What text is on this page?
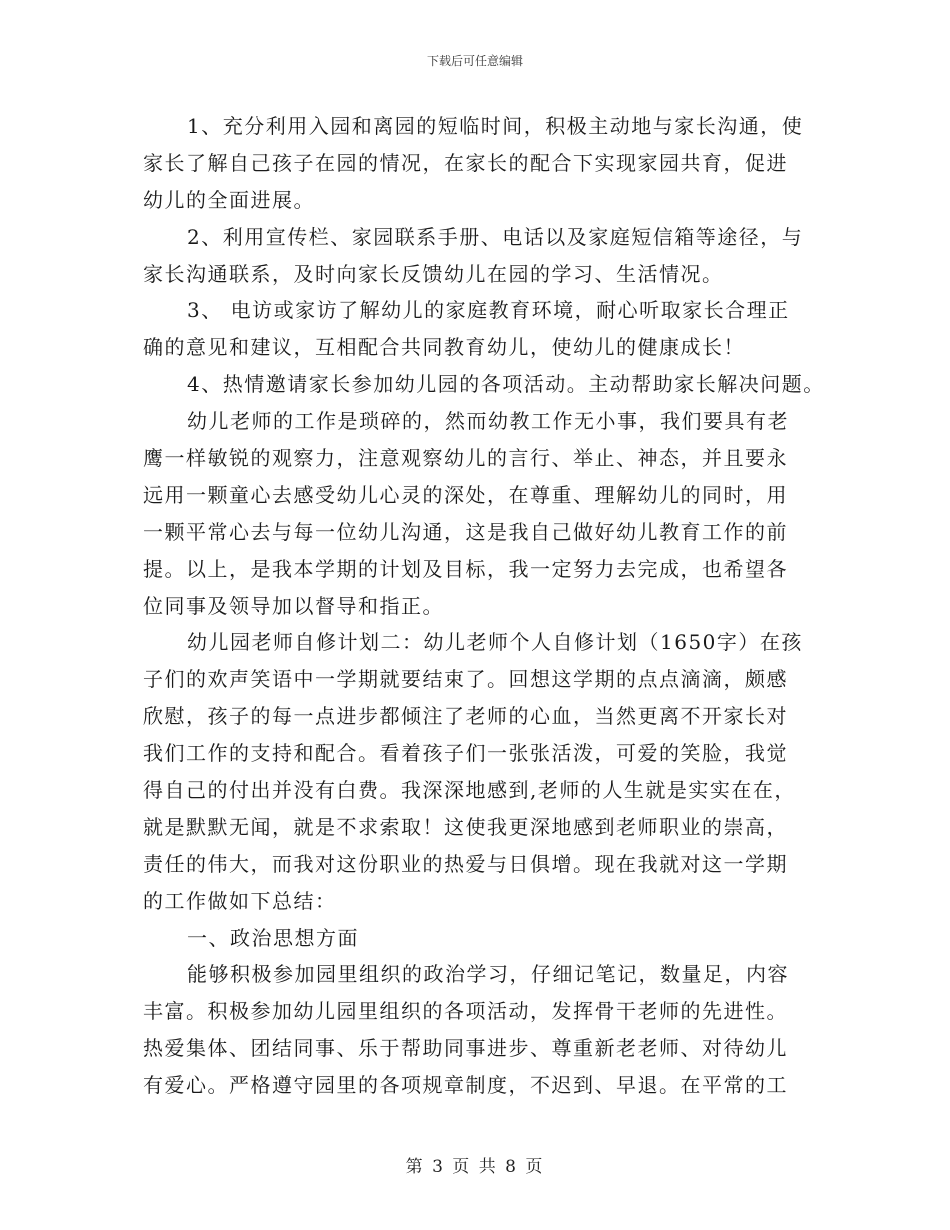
下载后可任意编辑
1、充分利用入园和离园的短临时间，积极主动地与家长沟通，使
家长了解自己孩子在园的情况，在家长的配合下实现家园共育，促进
幼儿的全面进展。
2、利用宣传栏、家园联系手册、电话以及家庭短信箱等途径，与
家长沟通联系，及时向家长反馈幼儿在园的学习、生活情况。
3、 电访或家访了解幼儿的家庭教育环境，耐心听取家长合理正
确的意见和建议，互相配合共同教育幼儿，使幼儿的健康成长！
4、热情邀请家长参加幼儿园的各项活动。主动帮助家长解决问题。
幼儿老师的工作是琐碎的，然而幼教工作无小事，我们要具有老
鹰一样敏锐的观察力，注意观察幼儿的言行、举止、神态，并且要永
远用一颗童心去感受幼儿心灵的深处，在尊重、理解幼儿的同时，用
一颗平常心去与每一位幼儿沟通，这是我自己做好幼儿教育工作的前
提。以上，是我本学期的计划及目标，我一定努力去完成，也希望各
位同事及领导加以督导和指正。
幼儿园老师自修计划二：幼儿老师个人自修计划（1650字）在孩
子们的欢声笑语中一学期就要结束了。回想这学期的点点滴滴，颇感
欣慰，孩子的每一点进步都倾注了老师的心血，当然更离不开家长对
我们工作的支持和配合。看着孩子们一张张活泼，可爱的笑脸，我觉
得自己的付出并没有白费。我深深地感到,老师的人生就是实实在在，
就是默默无闻，就是不求索取！这使我更深地感到老师职业的崇高，
责任的伟大，而我对这份职业的热爱与日俱增。现在我就对这一学期
的工作做如下总结：
一、政治思想方面
能够积极参加园里组织的政治学习，仔细记笔记，数量足，内容
丰富。积极参加幼儿园里组织的各项活动，发挥骨干老师的先进性。
热爱集体、团结同事、乐于帮助同事进步、尊重新老老师、对待幼儿
有爱心。严格遵守园里的各项规章制度，不迟到、早退。在平常的工
第 3 页 共 8 页
